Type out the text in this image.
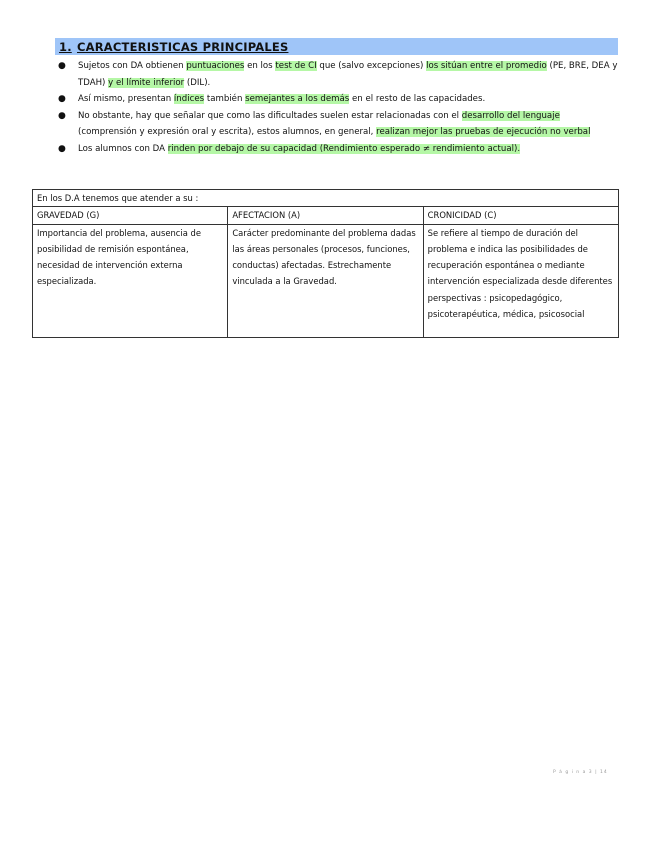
1. CARACTERISTICAS PRINCIPALES
● Sujetos con DA obtienen puntuaciones en los test de CI que (salvo excepciones) los sitúan entre el promedio (PE, BRE, DEA y TDAH) y el límite inferior (DIL).
● Así mismo, presentan índices también semejantes a los demás en el resto de las capacidades.
● No obstante, hay que señalar que como las dificultades suelen estar relacionadas con el desarrollo del lenguaje (comprensión y expresión oral y escrita), estos alumnos, en general, realizan mejor las pruebas de ejecución no verbal
● Los alumnos con DA rinden por debajo de su capacidad (Rendimiento esperado ≠ rendimiento actual).
En los D.A tenemos que atender a su :		
GRAVEDAD (G)	AFECTACION (A)	CRONICIDAD (C)
Importancia del problema, ausencia de posibilidad de remisión espontánea, necesidad de intervención externa especializada.	Carácter predominante del problema dadas las áreas personales (procesos, funciones, conductas) afectadas. Estrechamente vinculada a la Gravedad.	Se refiere al tiempo de duración del problema e indica las posibilidades de recuperación espontánea o mediante intervención especializada desde diferentes perspectivas : psicopedagógico, psicoterapéutica, médica, psicosocial
P á g i n a 3 | 14
